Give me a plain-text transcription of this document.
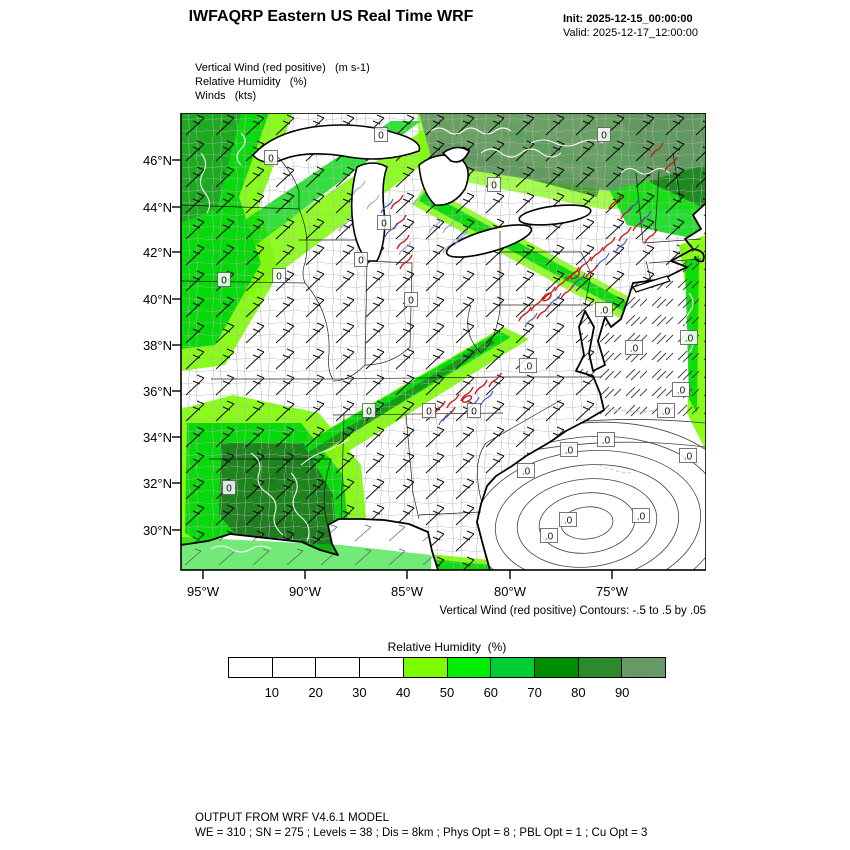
IWFAQRP Eastern US Real Time WRF	Init: 2025-12-15_00:00:00
Valid: 2025-12-17_12:00:00
Vertical Wind (red positive)   (m s-1)
Relative Humidity   (%)
Winds   (kts)
0
0
0
0
0	0
0
0
0
.0
.0
.0
.0
.0
.0
.0
.0
.0	.0
.0
0	0	0
0
.0
.0
46°N
44°N
42°N
40°N
38°N
36°N
34°N
32°N
30°N
95°W	90°W	85°W	80°W	75°W
Vertical Wind (red positive) Contours: -.5 to .5 by .05
Relative Humidity  (%)
10 20 30 40 50 60 70 80 90
OUTPUT FROM WRF V4.6.1 MODEL
WE = 310 ; SN = 275 ; Levels = 38 ; Dis = 8km ; Phys Opt = 8 ; PBL Opt = 1 ; Cu Opt = 3
